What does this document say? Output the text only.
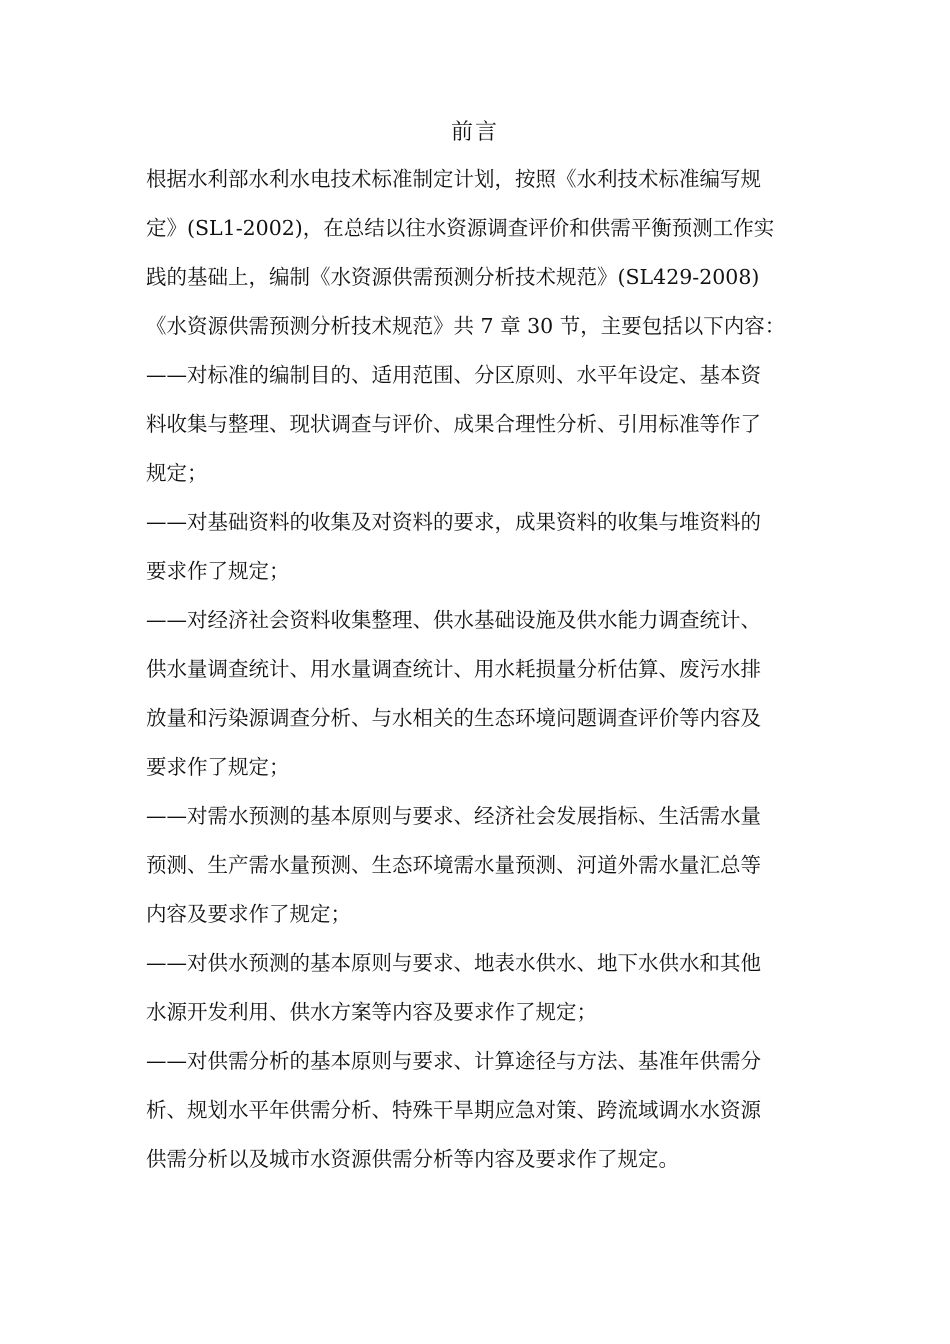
前言
根据水利部水利水电技术标准制定计划，按照《水利技术标准编写规
定》(SL1-2002)，在总结以往水资源调查评价和供需平衡预测工作实
践的基础上，编制《水资源供需预测分析技术规范》(SL429-2008)
《水资源供需预测分析技术规范》共 7 章 30 节，主要包括以下内容：
——对标准的编制目的、适用范围、分区原则、水平年设定、基本资
料收集与整理、现状调查与评价、成果合理性分析、引用标准等作了
规定；
——对基础资料的收集及对资料的要求，成果资料的收集与堆资料的
要求作了规定；
——对经济社会资料收集整理、供水基础设施及供水能力调查统计、
供水量调查统计、用水量调查统计、用水耗损量分析估算、废污水排
放量和污染源调查分析、与水相关的生态环境问题调查评价等内容及
要求作了规定；
——对需水预测的基本原则与要求、经济社会发展指标、生活需水量
预测、生产需水量预测、生态环境需水量预测、河道外需水量汇总等
内容及要求作了规定；
——对供水预测的基本原则与要求、地表水供水、地下水供水和其他
水源开发利用、供水方案等内容及要求作了规定；
——对供需分析的基本原则与要求、计算途径与方法、基准年供需分
析、规划水平年供需分析、特殊干旱期应急对策、跨流域调水水资源
供需分析以及城市水资源供需分析等内容及要求作了规定。
